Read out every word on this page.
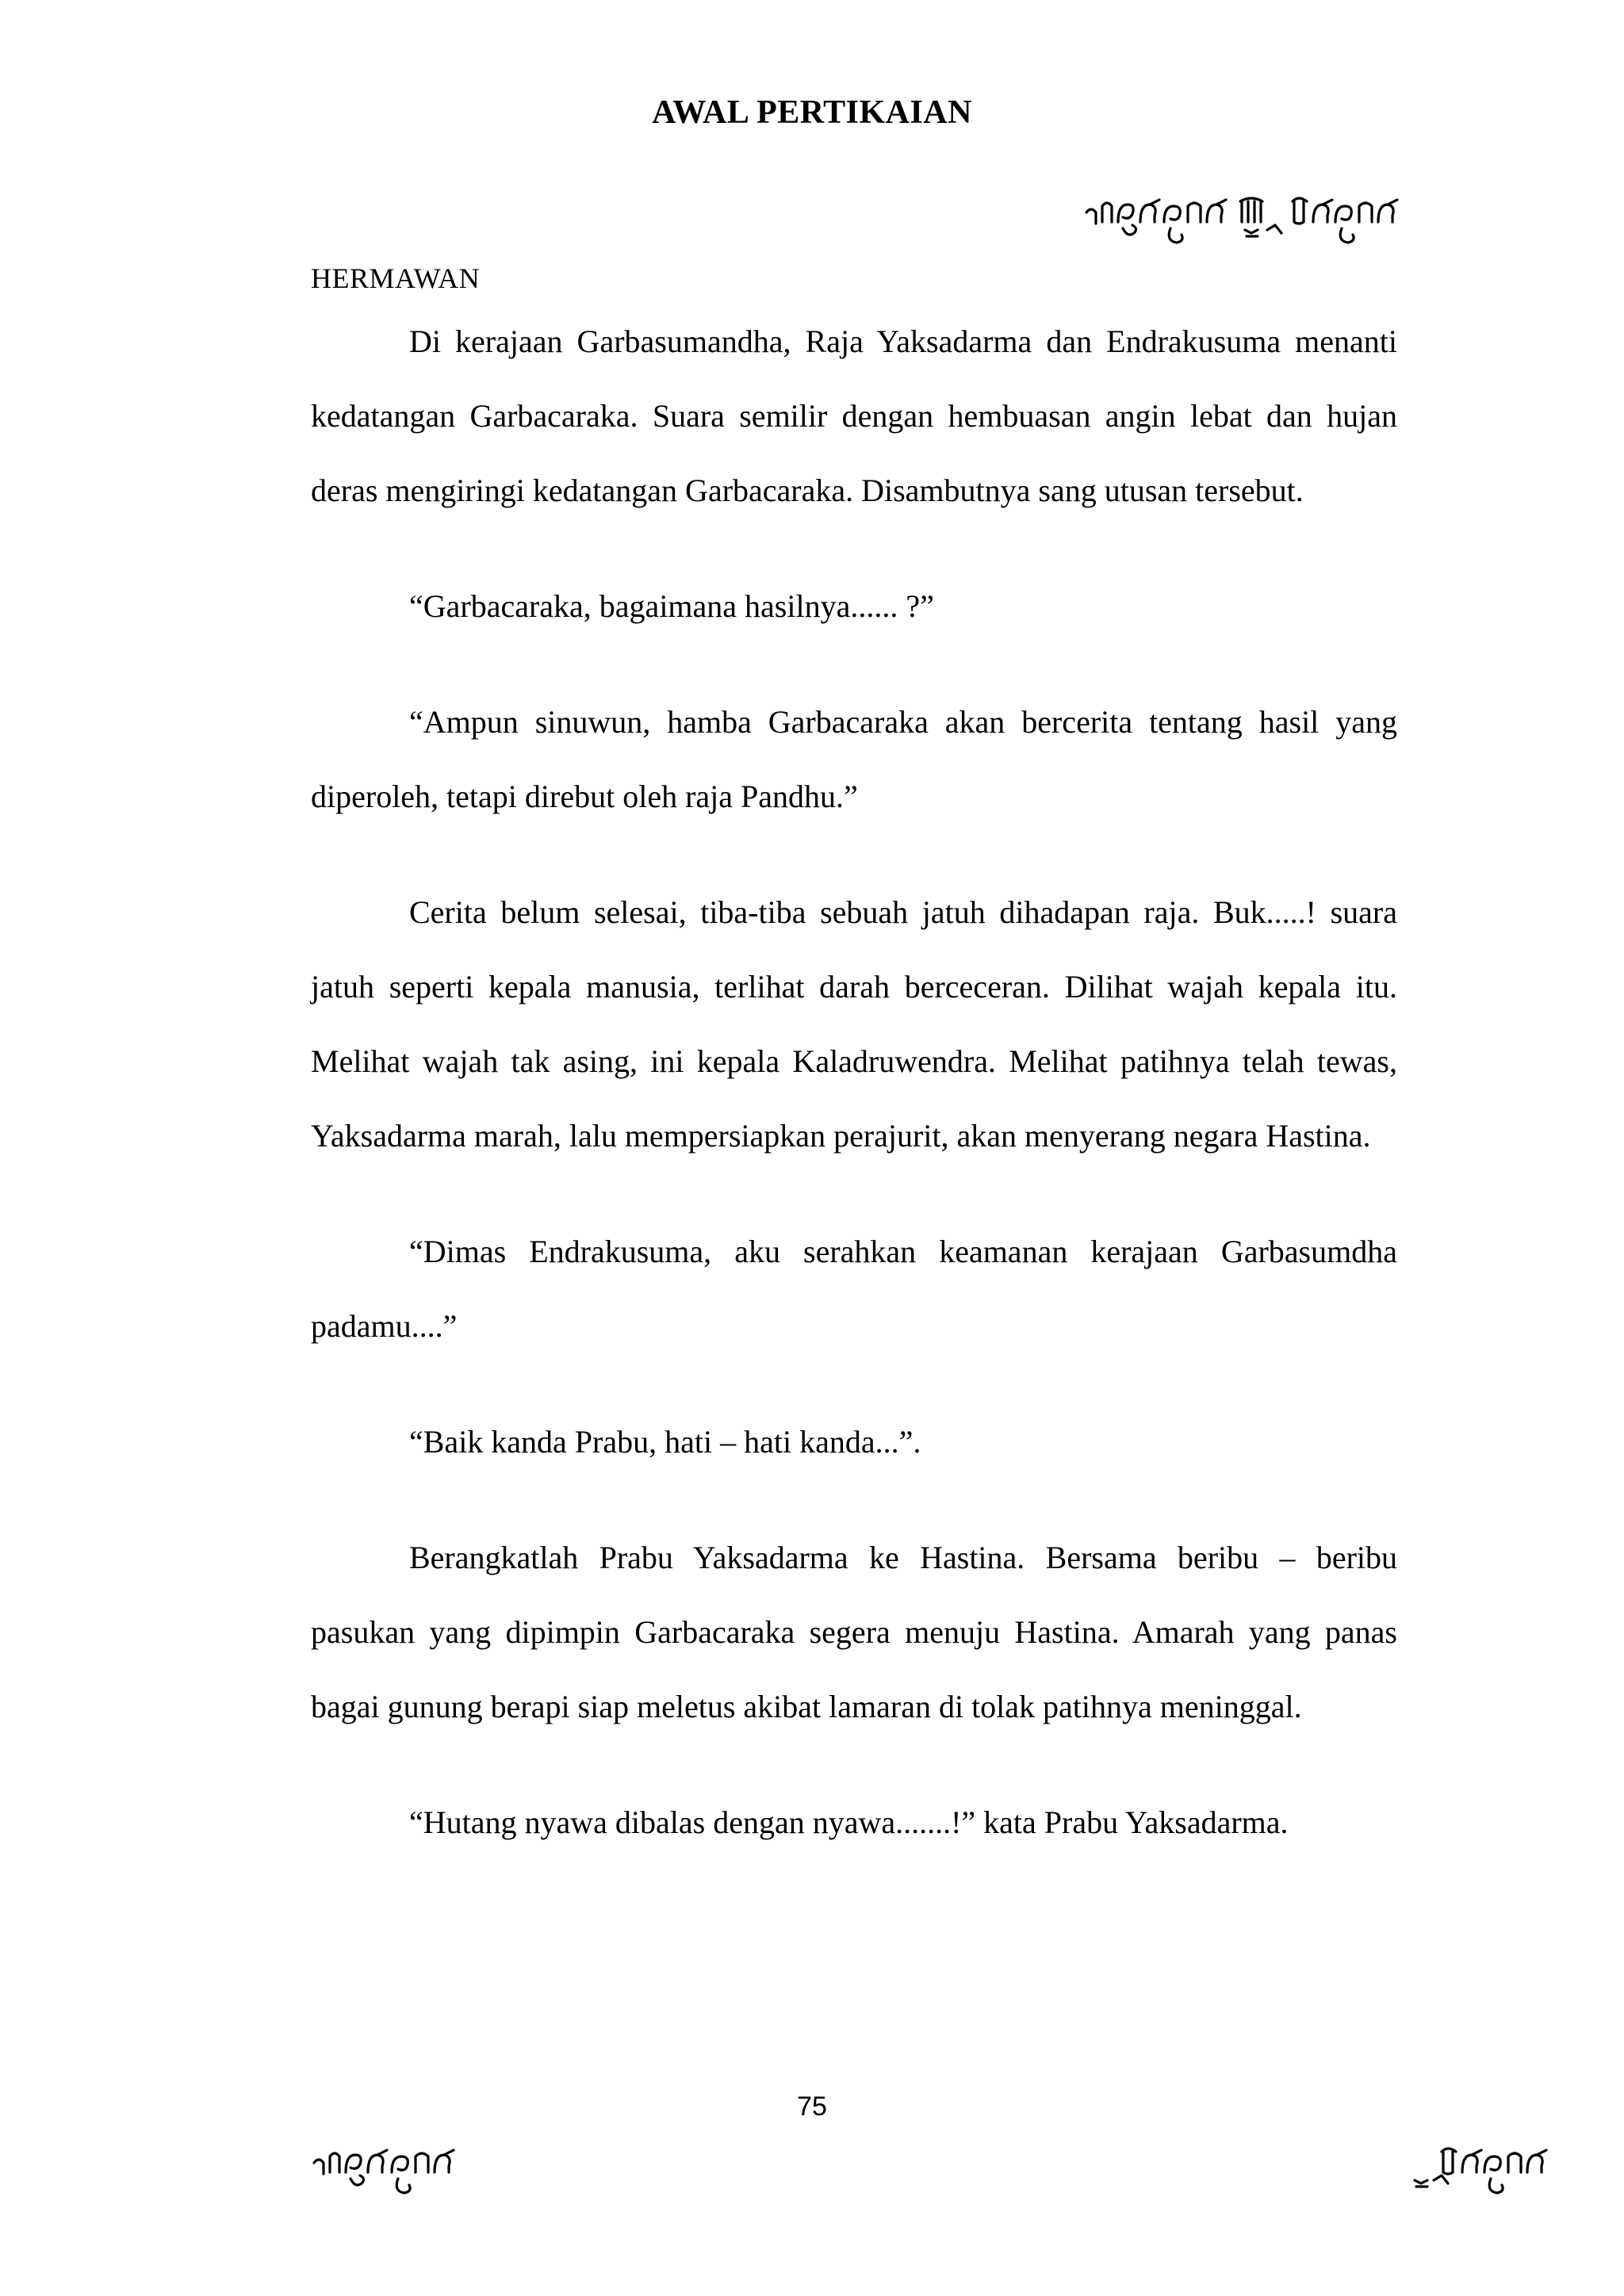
AWAL PERTIKAIAN
HERMAWAN

Di kerajaan Garbasumandha, Raja Yaksadarma dan Endrakusuma menanti kedatangan Garbacaraka. Suara semilir dengan hembuasan angin lebat dan hujan deras mengiringi kedatangan Garbacaraka. Disambutnya sang utusan tersebut.

“Garbacaraka, bagaimana hasilnya...... ?”

“Ampun sinuwun, hamba Garbacaraka akan bercerita tentang hasil yang diperoleh, tetapi direbut oleh raja Pandhu.”

Cerita belum selesai, tiba-tiba sebuah jatuh dihadapan raja. Buk.....! suara jatuh seperti kepala manusia, terlihat darah berceceran. Dilihat wajah kepala itu. Melihat wajah tak asing, ini kepala Kaladruwendra. Melihat patihnya telah tewas, Yaksadarma marah, lalu mempersiapkan perajurit, akan menyerang negara Hastina.

“Dimas Endrakusuma, aku serahkan keamanan kerajaan Garbasumdha padamu....”

“Baik kanda Prabu, hati – hati kanda...”.

Berangkatlah Prabu Yaksadarma ke Hastina. Bersama beribu – beribu pasukan yang dipimpin Garbacaraka segera menuju Hastina. Amarah yang panas bagai gunung berapi siap meletus akibat lamaran di tolak patihnya meninggal.

“Hutang nyawa dibalas dengan nyawa.......!” kata Prabu Yaksadarma.

75
